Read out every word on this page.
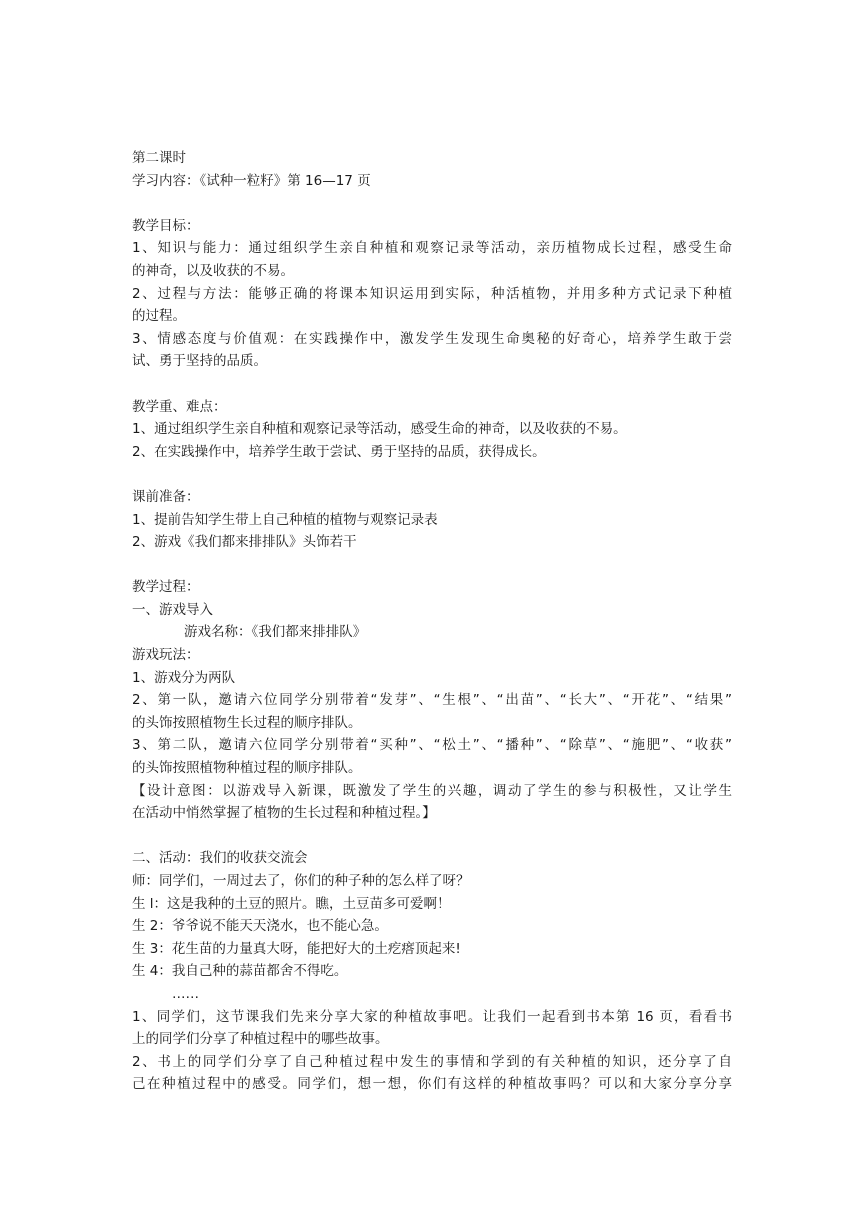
第二课时
学习内容：《试种一粒籽》第 16—17 页
教学目标：
1、知识与能力：通过组织学生亲自种植和观察记录等活动，亲历植物成长过程，感受生命
的神奇，以及收获的不易。
2、过程与方法：能够正确的将课本知识运用到实际，种活植物，并用多种方式记录下种植
的过程。
3、情感态度与价值观：在实践操作中，激发学生发现生命奥秘的好奇心，培养学生敢于尝
试、勇于坚持的品质。
教学重、难点：
1、通过组织学生亲自种植和观察记录等活动，感受生命的神奇，以及收获的不易。
2、在实践操作中，培养学生敢于尝试、勇于坚持的品质，获得成长。
课前准备：
1、提前告知学生带上自己种植的植物与观察记录表
2、游戏《我们都来排排队》头饰若干
教学过程：
一、游戏导入
游戏名称：《我们都来排排队》
游戏玩法：
1、游戏分为两队
2、第一队，邀请六位同学分别带着“发芽”、“生根”、“出苗”、“长大”、“开花”、“结果”
的头饰按照植物生长过程的顺序排队。
3、第二队，邀请六位同学分别带着“买种”、“松土”、“播种”、“除草”、“施肥”、“收获”
的头饰按照植物种植过程的顺序排队。
【设计意图：以游戏导入新课，既激发了学生的兴趣，调动了学生的参与积极性，又让学生
在活动中悄然掌握了植物的生长过程和种植过程。】
二、活动：我们的收获交流会
师：同学们，一周过去了，你们的种子种的怎么样了呀？
生 l：这是我种的土豆的照片。瞧，土豆苗多可爱啊！
生 2：爷爷说不能天天浇水，也不能心急。
生 3：花生苗的力量真大呀，能把好大的土疙瘩顶起来!
生 4：我自己种的蒜苗都舍不得吃。
……
1、同学们，这节课我们先来分享大家的种植故事吧。让我们一起看到书本第 16 页，看看书
上的同学们分享了种植过程中的哪些故事。
2、书上的同学们分享了自己种植过程中发生的事情和学到的有关种植的知识，还分享了自
己在种植过程中的感受。同学们，想一想，你们有这样的种植故事吗？可以和大家分享分享
